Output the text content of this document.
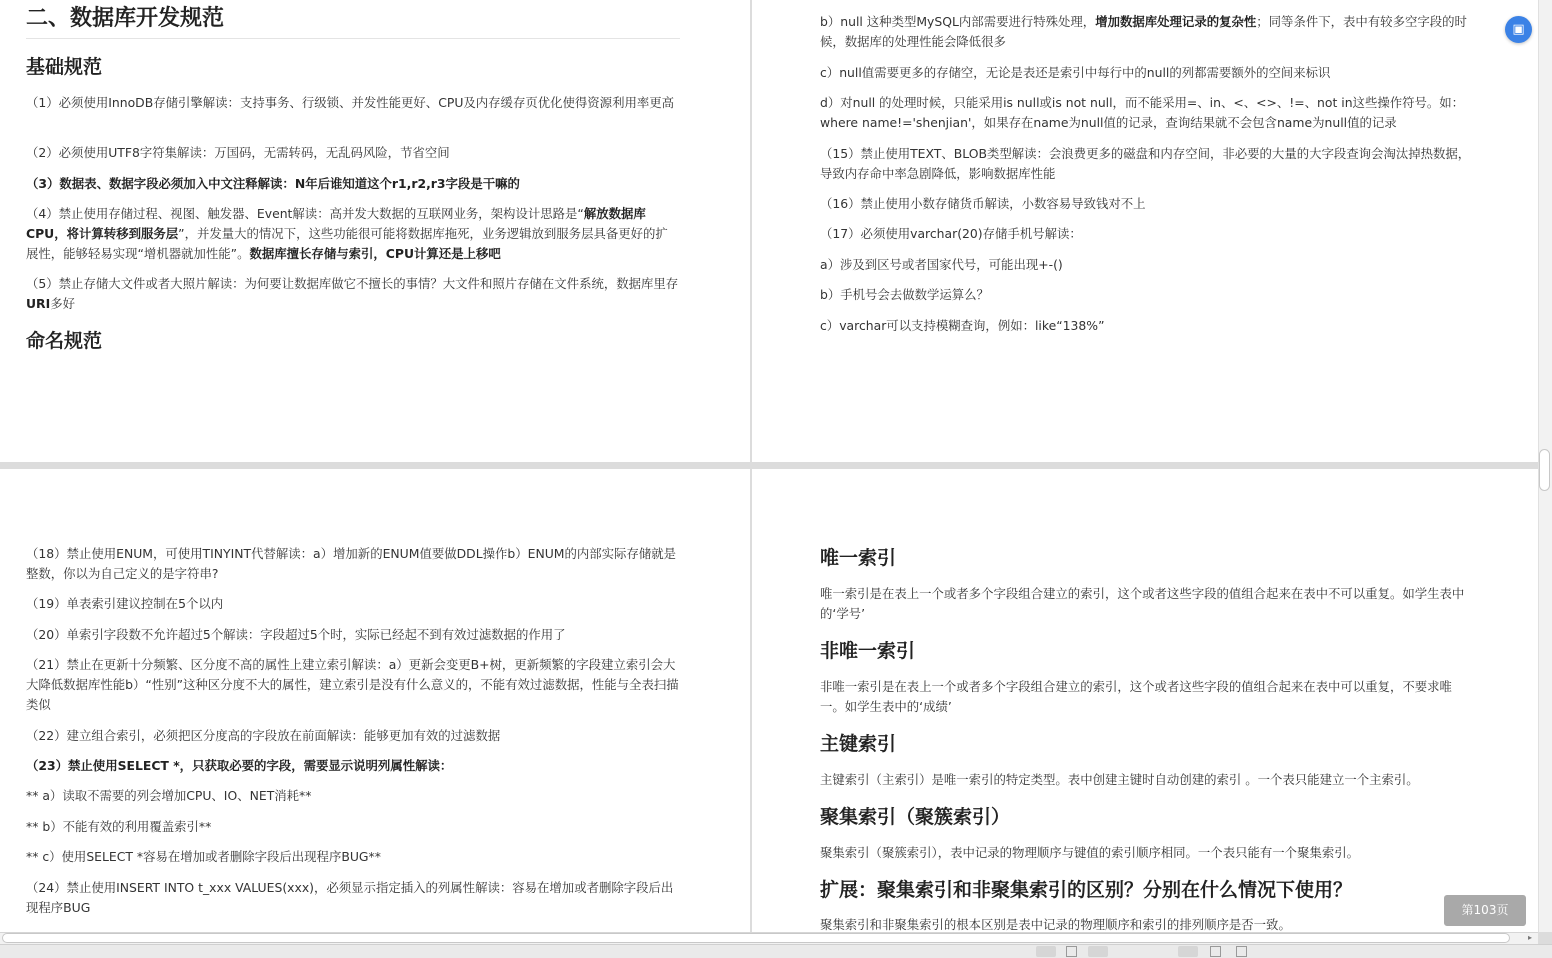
二、数据库开发规范
基础规范

（1）必须使用InnoDB存储引擎解读：支持事务、行级锁、并发性能更好、CPU及内存缓存页优化使得资源利用率更高

（2）必须使用UTF8字符集解读：万国码，无需转码，无乱码风险，节省空间

（3）数据表、数据字段必须加入中文注释解读：N年后谁知道这个r1,r2,r3字段是干嘛的

（4）禁止使用存储过程、视图、触发器、Event解读：高并发大数据的互联网业务，架构设计思路是“解放数据库CPU，将计算转移到服务层”，并发量大的情况下，这些功能很可能将数据库拖死，业务逻辑放到服务层具备更好的扩展性，能够轻易实现“增机器就加性能”。数据库擅长存储与索引，CPU计算还是上移吧

（5）禁止存储大文件或者大照片解读：为何要让数据库做它不擅长的事情？大文件和照片存储在文件系统，数据库里存URI多好

命名规范

b）null 这种类型MySQL内部需要进行特殊处理，增加数据库处理记录的复杂性；同等条件下，表中有较多空字段的时候，数据库的处理性能会降低很多

c）null值需要更多的存储空，无论是表还是索引中每行中的null的列都需要额外的空间来标识

d）对null 的处理时候，只能采用is null或is not null，而不能采用=、in、<、<>、!=、not in这些操作符号。如：where name!='shenjian'，如果存在name为null值的记录，查询结果就不会包含name为null值的记录

（15）禁止使用TEXT、BLOB类型解读：会浪费更多的磁盘和内存空间，非必要的大量的大字段查询会淘汰掉热数据，导致内存命中率急剧降低，影响数据库性能

（16）禁止使用小数存储货币解读，小数容易导致钱对不上

（17）必须使用varchar(20)存储手机号解读：

a）涉及到区号或者国家代号，可能出现+-()

b）手机号会去做数学运算么？

c）varchar可以支持模糊查询，例如：like“138%”

（18）禁止使用ENUM，可使用TINYINT代替解读：a）增加新的ENUM值要做DDL操作b）ENUM的内部实际存储就是整数，你以为自己定义的是字符串?

（19）单表索引建议控制在5个以内

（20）单索引字段数不允许超过5个解读：字段超过5个时，实际已经起不到有效过滤数据的作用了

（21）禁止在更新十分频繁、区分度不高的属性上建立索引解读：a）更新会变更B+树，更新频繁的字段建立索引会大大降低数据库性能b）“性别”这种区分度不大的属性，建立索引是没有什么意义的，不能有效过滤数据，性能与全表扫描类似

（22）建立组合索引，必须把区分度高的字段放在前面解读：能够更加有效的过滤数据

（23）禁止使用SELECT *，只获取必要的字段，需要显示说明列属性解读：

** a）读取不需要的列会增加CPU、IO、NET消耗**

** b）不能有效的利用覆盖索引**

** c）使用SELECT *容易在增加或者删除字段后出现程序BUG**

（24）禁止使用INSERT INTO t_xxx VALUES(xxx)，必须显示指定插入的列属性解读：容易在增加或者删除字段后出现程序BUG

唯一索引

唯一索引是在表上一个或者多个字段组合建立的索引，这个或者这些字段的值组合起来在表中不可以重复。如学生表中的‘学号’

非唯一索引

非唯一索引是在表上一个或者多个字段组合建立的索引，这个或者这些字段的值组合起来在表中可以重复，不要求唯一。如学生表中的‘成绩’

主键索引

主键索引（主索引）是唯一索引的特定类型。表中创建主键时自动创建的索引 。一个表只能建立一个主索引。

聚集索引（聚簇索引）

聚集索引（聚簇索引），表中记录的物理顺序与键值的索引顺序相同。一个表只能有一个聚集索引。

扩展：聚集索引和非聚集索引的区别？分别在什么情况下使用？

聚集索引和非聚集索引的根本区别是表中记录的物理顺序和索引的排列顺序是否一致。

▣
第103页
▸
